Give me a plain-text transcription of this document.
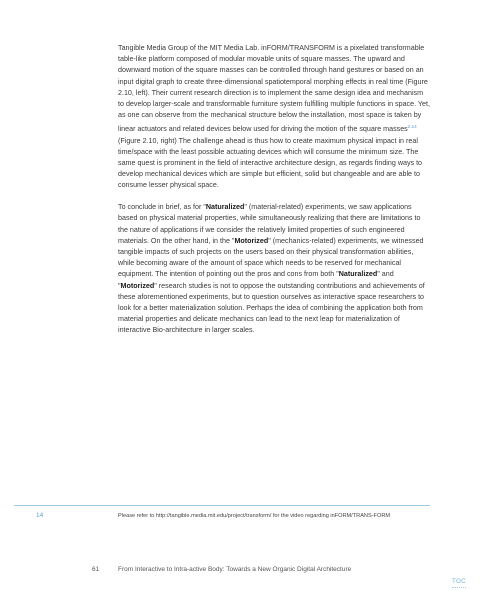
Tangible Media Group of the MIT Media Lab. inFORM/TRANSFORM is a pixelated transformable table-like platform composed of modular movable units of square masses. The upward and downward motion of the square masses can be controlled through hand gestures or based on an input digital graph to create three-dimensional spatiotemporal morphing effects in real time (Figure 2.10, left). Their current research direction is to implement the same design idea and mechanism to develop larger-scale and transformable furniture system fulfilling multiple functions in space. Yet, as one can observe from the mechanical structure below the installation, most space is taken by linear actuators and related devices below used for driving the motion of the square masses$^{2.14}$ (Figure 2.10, right) The challenge ahead is thus how to create maximum physical impact in real time/space with the least possible actuating devices which will consume the minimum size. The same quest is prominent in the field of interactive architecture design, as regards finding ways to develop mechanical devices which are simple but efficient, solid but changeable and are able to consume lesser physical space.

To conclude in brief, as for "Naturalized" (material-related) experiments, we saw applications based on physical material properties, while simultaneously realizing that there are limitations to the nature of applications if we consider the relatively limited properties of such engineered materials. On the other hand, in the "Motorized" (mechanics-related) experiments, we witnessed tangible impacts of such projects on the users based on their physical transformation abilities, while becoming aware of the amount of space which needs to be reserved for mechanical equipment. The intention of pointing out the pros and cons from both "Naturalized" and "Motorized" research studies is not to oppose the outstanding contributions and achievements of these aforementioned experiments, but to question ourselves as interactive space researchers to look for a better materialization solution. Perhaps the idea of combining the application both from material properties and delicate mechanics can lead to the next leap for materialization of interactive Bio-architecture in larger scales.

14	Please refer to http://tangible.media.mit.edu/project/transform/ for the video regarding inFORM/TRANS-FORM
61	From Interactive to Intra-active Body: Towards a New Organic Digital Architecture
TOC
